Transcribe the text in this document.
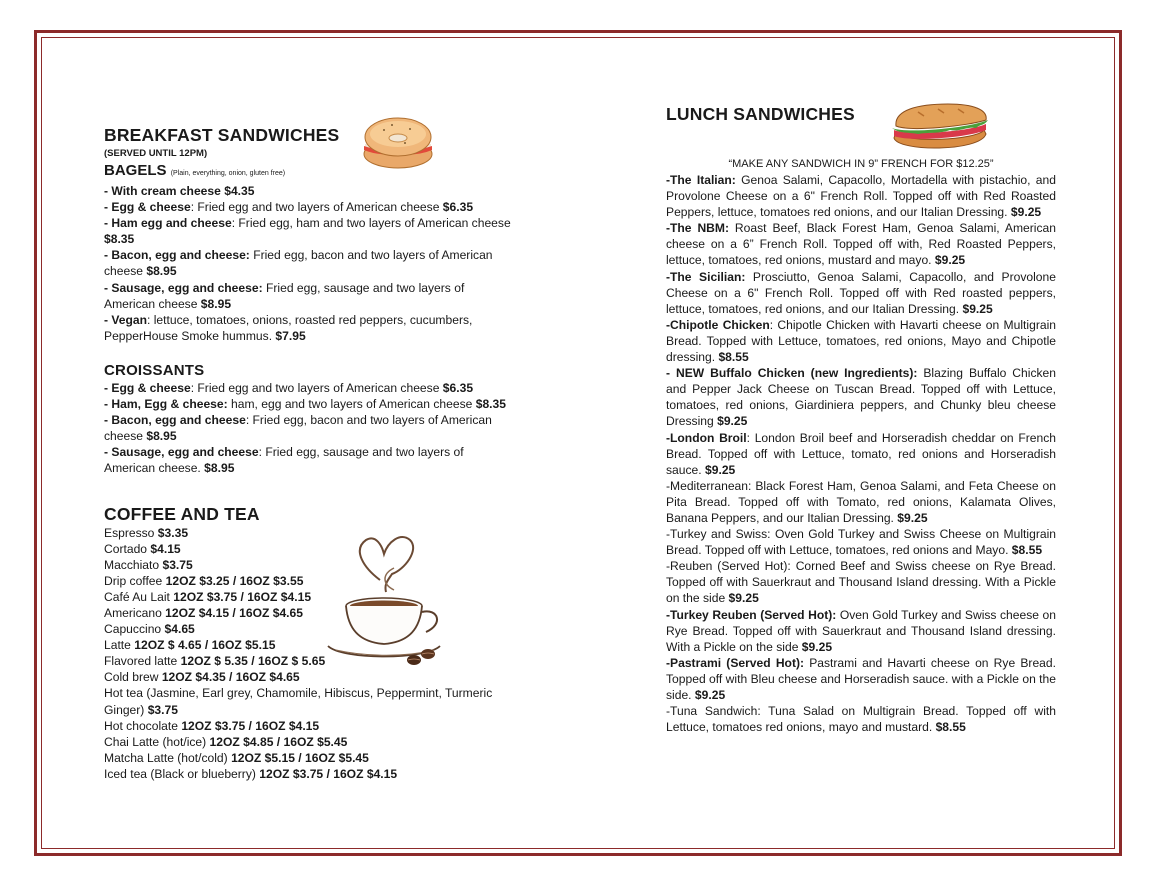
BREAKFAST SANDWICHES
(SERVED UNTIL 12PM)
BAGELS (Plain, everything, onion, gluten free)

- With cream cheese $4.35

- Egg & cheese: Fried egg and two layers of American cheese $6.35

- Ham egg and cheese: Fried egg, ham and two layers of American cheese $8.35

- Bacon, egg and cheese: Fried egg, bacon and two layers of American cheese $8.95

- Sausage, egg and cheese: Fried egg, sausage and two layers of American cheese $8.95

- Vegan: lettuce, tomatoes, onions, roasted red peppers, cucumbers, PepperHouse Smoke hummus. $7.95

CROISSANTS

- Egg & cheese: Fried egg and two layers of American cheese $6.35

- Ham, Egg & cheese: ham, egg and two layers of American cheese $8.35

- Bacon, egg and cheese: Fried egg, bacon and two layers of American cheese $8.95

- Sausage, egg and cheese: Fried egg, sausage and two layers of American cheese. $8.95

COFFEE AND TEA

Espresso $3.35

Cortado $4.15

Macchiato $3.75

Drip coffee 12OZ $3.25 / 16OZ $3.55

Café Au Lait 12OZ $3.75 / 16OZ $4.15

Americano 12OZ $4.15 / 16OZ $4.65

Capuccino $4.65

Latte 12OZ $ 4.65 / 16OZ $5.15

Flavored latte 12OZ $ 5.35 / 16OZ $ 5.65

Cold brew 12OZ $4.35 / 16OZ $4.65

Hot tea (Jasmine, Earl grey, Chamomile, Hibiscus, Peppermint, Turmeric Ginger) $3.75

Hot chocolate 12OZ $3.75 / 16OZ $4.15

Chai Latte (hot/ice) 12OZ $4.85 / 16OZ $5.45

Matcha Latte (hot/cold) 12OZ $5.15 / 16OZ $5.45

Iced tea (Black or blueberry) 12OZ $3.75 / 16OZ $4.15

LUNCH SANDWICHES
“MAKE ANY SANDWICH IN 9” FRENCH FOR $12.25”

-The Italian: Genoa Salami, Capacollo, Mortadella with pistachio, and Provolone Cheese on a 6" French Roll. Topped off with Red Roasted Peppers, lettuce, tomatoes red onions, and our Italian Dressing. $9.25

-The NBM: Roast Beef, Black Forest Ham, Genoa Salami, American cheese on a 6” French Roll. Topped off with, Red Roasted Peppers, lettuce, tomatoes, red onions, mustard and mayo. $9.25

-The Sicilian: Prosciutto, Genoa Salami, Capacollo, and Provolone Cheese on a 6" French Roll. Topped off with Red roasted peppers, lettuce, tomatoes, red onions, and our Italian Dressing. $9.25

-Chipotle Chicken: Chipotle Chicken with Havarti cheese on Multigrain Bread. Topped with Lettuce, tomatoes, red onions, Mayo and Chipotle dressing. $8.55

- NEW Buffalo Chicken (new Ingredients): Blazing Buffalo Chicken and Pepper Jack Cheese on Tuscan Bread. Topped off with Lettuce, tomatoes, red onions, Giardiniera peppers, and Chunky bleu cheese Dressing $9.25

-London Broil: London Broil beef and Horseradish cheddar on French Bread. Topped off with Lettuce, tomato, red onions and Horseradish sauce. $9.25

-Mediterranean: Black Forest Ham, Genoa Salami, and Feta Cheese on Pita Bread. Topped off with Tomato, red onions, Kalamata Olives, Banana Peppers, and our Italian Dressing. $9.25

-Turkey and Swiss: Oven Gold Turkey and Swiss Cheese on Multigrain Bread. Topped off with Lettuce, tomatoes, red onions and Mayo. $8.55

-Reuben (Served Hot): Corned Beef and Swiss cheese on Rye Bread. Topped off with Sauerkraut and Thousand Island dressing. With a Pickle on the side $9.25

-Turkey Reuben (Served Hot): Oven Gold Turkey and Swiss cheese on Rye Bread. Topped off with Sauerkraut and Thousand Island dressing. With a Pickle on the side $9.25

-Pastrami (Served Hot): Pastrami and Havarti cheese on Rye Bread. Topped off with Bleu cheese and Horseradish sauce. with a Pickle on the side. $9.25

-Tuna Sandwich: Tuna Salad on Multigrain Bread. Topped off with Lettuce, tomatoes red onions, mayo and mustard. $8.55
